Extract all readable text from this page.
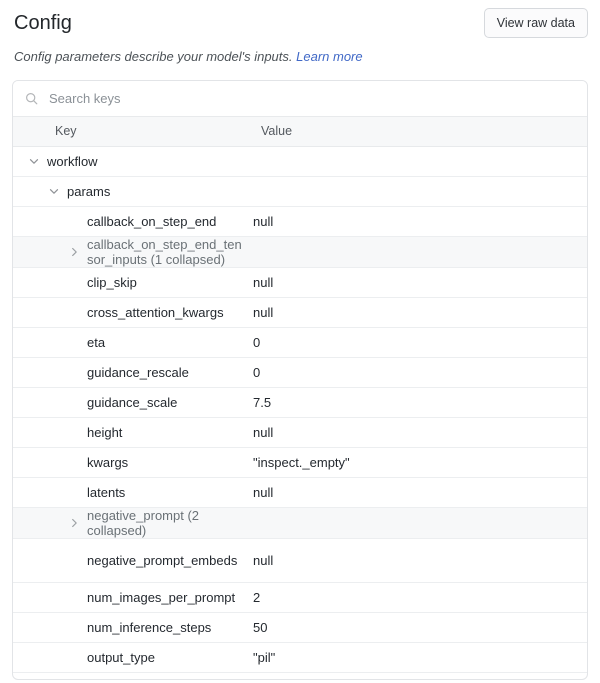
Config	View raw data
Config parameters describe your model's inputs. Learn more
Search keys
Key	Value

workflow	

params	

callback_on_step_end	null

callback_on_step_end_tensor_inputs (1 collapsed)	

clip_skip	null

cross_attention_kwargs	null

eta	0

guidance_rescale	0

guidance_scale	7.5

height	null

kwargs	"inspect._empty"

latents	null

negative_prompt (2 collapsed)	

negative_prompt_embeds	null

num_images_per_prompt	2

num_inference_steps	50

output_type	"pil"
